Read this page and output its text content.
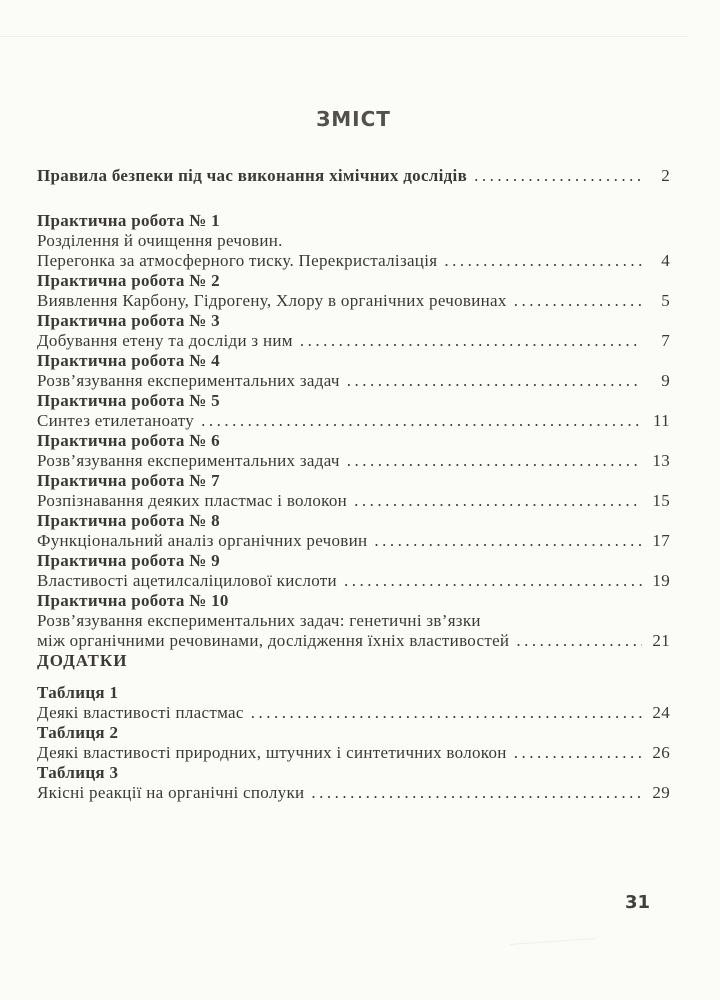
ЗМІСТ
Правила безпеки під час виконання хімічних дослідів .....	2
Практична робота № 1
Розділення й очищення речовин.
Перегонка за атмосферного тиску. Перекристалізація .....	4
Практична робота № 2
Виявлення Карбону, Гідрогену, Хлору в органічних речовинах .....	5
Практична робота № 3
Добування етену та досліди з ним .....	7
Практична робота № 4
Розв’язування експериментальних задач .....	9
Практична робота № 5
Синтез етилетаноату .....	11
Практична робота № 6
Розв’язування експериментальних задач .....	13
Практична робота № 7
Розпізнавання деяких пластмас і волокон .....	15
Практична робота № 8
Функціональний аналіз органічних речовин .....	17
Практична робота № 9
Властивості ацетилсаліцилової кислоти .....	19
Практична робота № 10
Розв’язування експериментальних задач: генетичні зв’язки
між органічними речовинами, дослідження їхніх властивостей .....	21
ДОДАТКИ
Таблиця 1
Деякі властивості пластмас .....	24
Таблиця 2
Деякі властивості природних, штучних і синтетичних волокон .....	26
Таблиця 3
Якісні реакції на органічні сполуки .....	29
31
